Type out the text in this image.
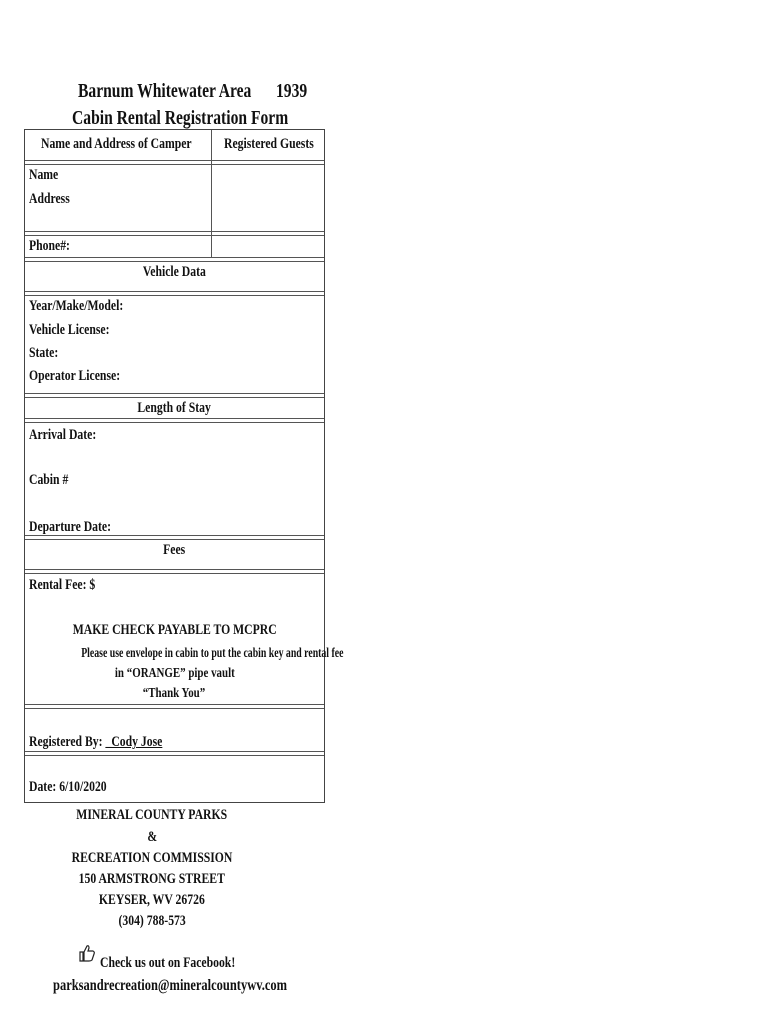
Barnum Whitewater Area	1939
Cabin Rental Registration Form
Name and Address of Camper	Registered Guests
Name
Address
Phone#:
Vehicle Data
Year/Make/Model:
Vehicle License:
State:
Operator License:
Length of Stay
Arrival Date:
Cabin #
Departure Date:
Fees
Rental Fee: $
MAKE CHECK PAYABLE TO MCPRC
Please use envelope in cabin to put the cabin key and rental fee
in “ORANGE” pipe vault
“Thank You”
Registered By: _Cody Jose
Date: 6/10/2020
MINERAL COUNTY PARKS
&
RECREATION COMMISSION
150 ARMSTRONG STREET
KEYSER, WV 26726
(304) 788-573
Check us out on Facebook!
parksandrecreation@mineralcountywv.com
